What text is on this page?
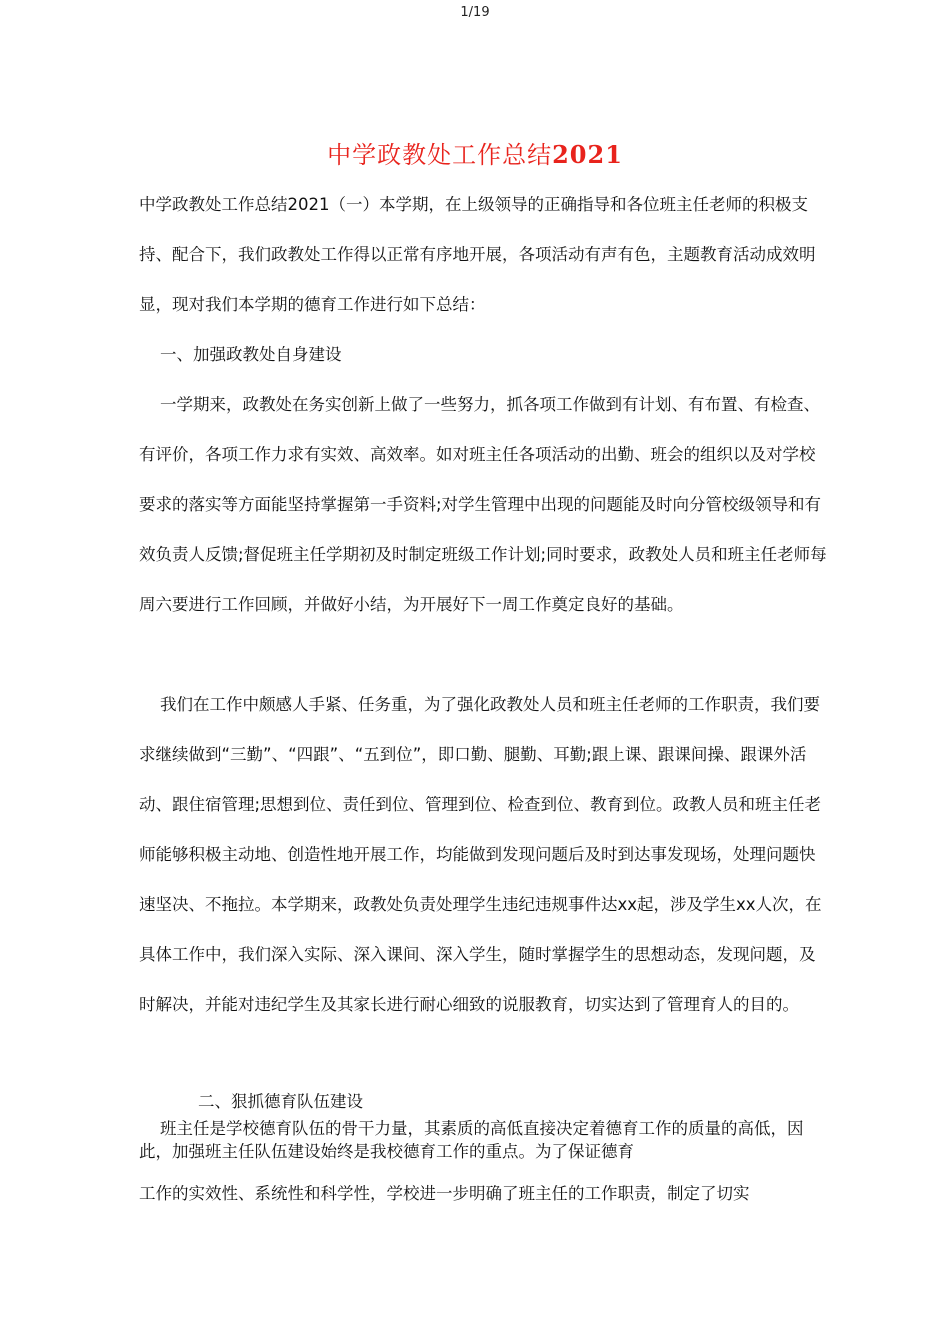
1/19
中学政教处工作总结2021

中学政教处工作总结2021（一）本学期，在上级领导的正确指导和各位班主任老师的积极支持、配合下，我们政教处工作得以正常有序地开展，各项活动有声有色，主题教育活动成效明显，现对我们本学期的德育工作进行如下总结：

一、加强政教处自身建设

一学期来，政教处在务实创新上做了一些努力，抓各项工作做到有计划、有布置、有检查、有评价，各项工作力求有实效、高效率。如对班主任各项活动的出勤、班会的组织以及对学校要求的落实等方面能坚持掌握第一手资料;对学生管理中出现的问题能及时向分管校级领导和有效负责人反馈;督促班主任学期初及时制定班级工作计划;同时要求，政教处人员和班主任老师每周六要进行工作回顾，并做好小结，为开展好下一周工作奠定良好的基础。

我们在工作中颇感人手紧、任务重，为了强化政教处人员和班主任老师的工作职责，我们要求继续做到“三勤”、“四跟”、“五到位”，即口勤、腿勤、耳勤;跟上课、跟课间操、跟课外活动、跟住宿管理;思想到位、责任到位、管理到位、检查到位、教育到位。政教人员和班主任老师能够积极主动地、创造性地开展工作，均能做到发现问题后及时到达事发现场，处理问题快速坚决、不拖拉。本学期来，政教处负责处理学生违纪违规事件达xx起，涉及学生xx人次，在具体工作中，我们深入实际、深入课间、深入学生，随时掌握学生的思想动态，发现问题，及时解决，并能对违纪学生及其家长进行耐心细致的说服教育，切实达到了管理育人的目的。

二、狠抓德育队伍建设

班主任是学校德育队伍的骨干力量，其素质的高低直接决定着德育工作的质量的高低，因此，加强班主任队伍建设始终是我校德育工作的重点。为了保证德育

工作的实效性、系统性和科学性，学校进一步明确了班主任的工作职责，制定了切实
